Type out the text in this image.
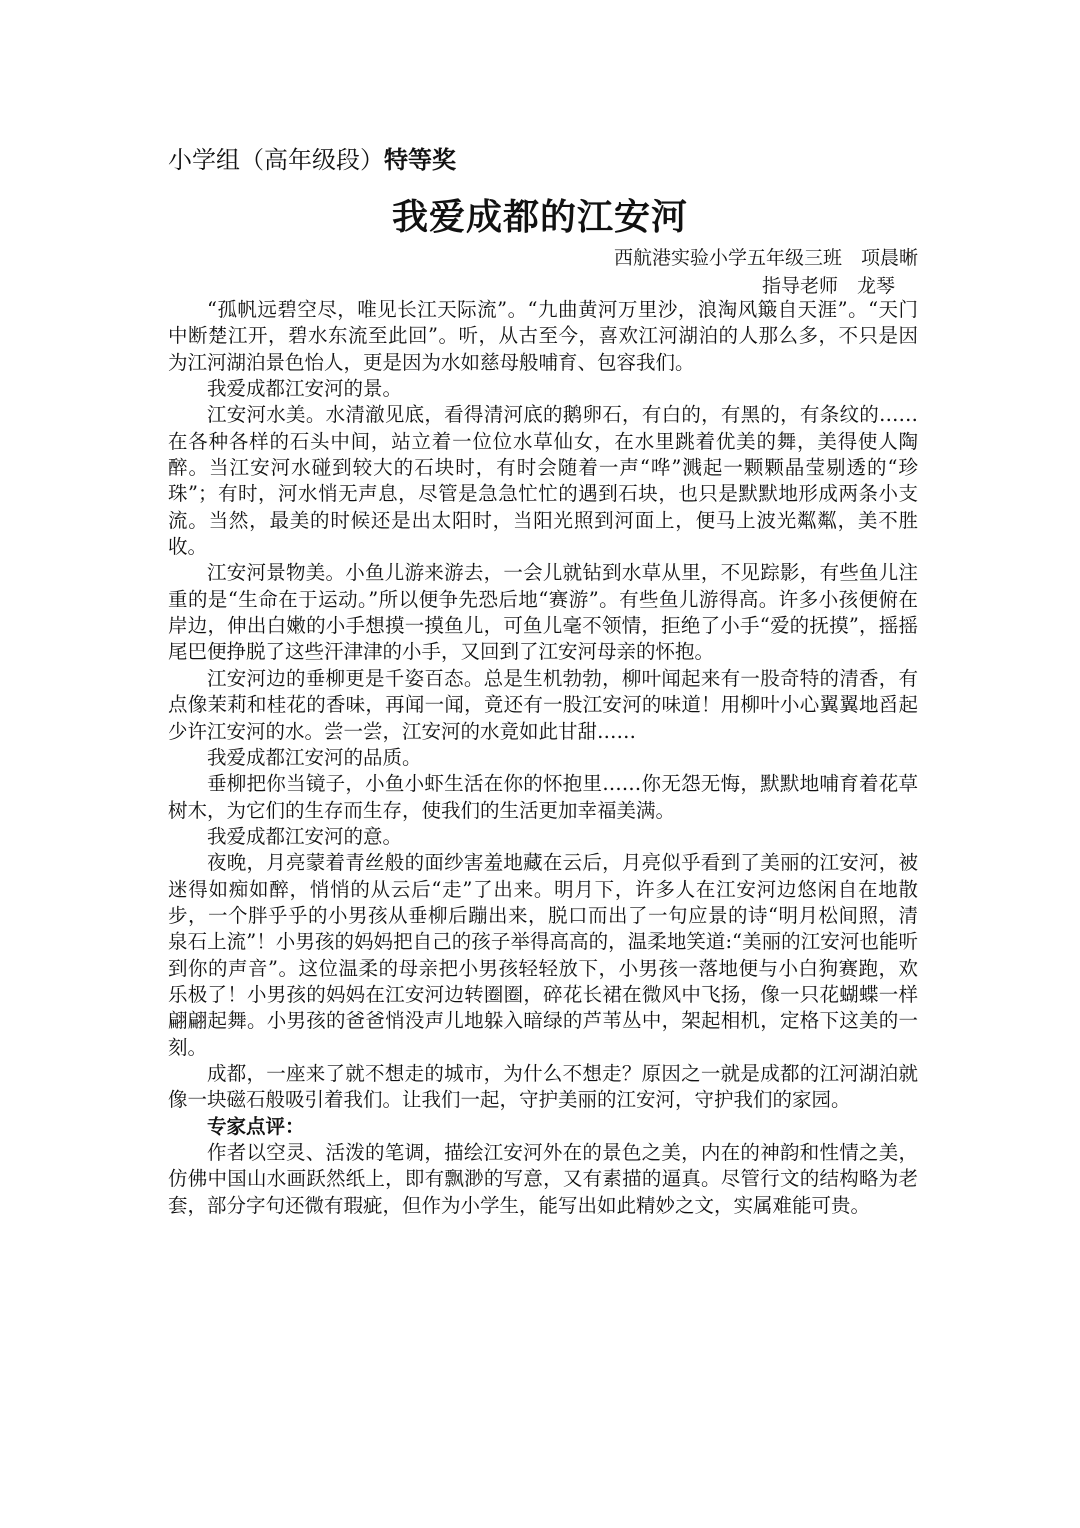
小学组（高年级段）特等奖
我爱成都的江安河
西航港实验小学五年级三班　项晨晰
指导老师　龙琴

“孤帆远碧空尽，唯见长江天际流”。“九曲黄河万里沙，浪淘风簸自天涯”。“天门中断楚江开，碧水东流至此回”。听，从古至今，喜欢江河湖泊的人那么多，不只是因为江河湖泊景色怡人，更是因为水如慈母般哺育、包容我们。

我爱成都江安河的景。

江安河水美。水清澈见底，看得清河底的鹅卵石，有白的，有黑的，有条纹的……在各种各样的石头中间，站立着一位位水草仙女，在水里跳着优美的舞，美得使人陶醉。当江安河水碰到较大的石块时，有时会随着一声“哗”溅起一颗颗晶莹剔透的“珍珠”；有时，河水悄无声息，尽管是急急忙忙的遇到石块，也只是默默地形成两条小支流。当然，最美的时候还是出太阳时，当阳光照到河面上，便马上波光粼粼，美不胜收。

江安河景物美。小鱼儿游来游去，一会儿就钻到水草从里，不见踪影，有些鱼儿注重的是“生命在于运动。”所以便争先恐后地“赛游”。有些鱼儿游得高。许多小孩便俯在岸边，伸出白嫩的小手想摸一摸鱼儿，可鱼儿毫不领情，拒绝了小手“爱的抚摸”，摇摇尾巴便挣脱了这些汗津津的小手，又回到了江安河母亲的怀抱。

江安河边的垂柳更是千姿百态。总是生机勃勃，柳叶闻起来有一股奇特的清香，有点像茉莉和桂花的香味，再闻一闻，竟还有一股江安河的味道！用柳叶小心翼翼地舀起少许江安河的水。尝一尝，江安河的水竟如此甘甜……

我爱成都江安河的品质。

垂柳把你当镜子，小鱼小虾生活在你的怀抱里……你无怨无悔，默默地哺育着花草树木，为它们的生存而生存，使我们的生活更加幸福美满。

我爱成都江安河的意。

夜晚，月亮蒙着青丝般的面纱害羞地藏在云后，月亮似乎看到了美丽的江安河，被迷得如痴如醉，悄悄的从云后“走”了出来。明月下，许多人在江安河边悠闲自在地散步，一个胖乎乎的小男孩从垂柳后蹦出来，脱口而出了一句应景的诗“明月松间照，清泉石上流”！小男孩的妈妈把自己的孩子举得高高的，温柔地笑道:“美丽的江安河也能听到你的声音”。这位温柔的母亲把小男孩轻轻放下，小男孩一落地便与小白狗赛跑，欢乐极了！小男孩的妈妈在江安河边转圈圈，碎花长裙在微风中飞扬，像一只花蝴蝶一样翩翩起舞。小男孩的爸爸悄没声儿地躲入暗绿的芦苇丛中，架起相机，定格下这美的一刻。

成都，一座来了就不想走的城市，为什么不想走？原因之一就是成都的江河湖泊就像一块磁石般吸引着我们。让我们一起，守护美丽的江安河，守护我们的家园。

专家点评：

作者以空灵、活泼的笔调，描绘江安河外在的景色之美，内在的神韵和性情之美，仿佛中国山水画跃然纸上，即有飘渺的写意，又有素描的逼真。尽管行文的结构略为老套，部分字句还微有瑕疵，但作为小学生，能写出如此精妙之文，实属难能可贵。
